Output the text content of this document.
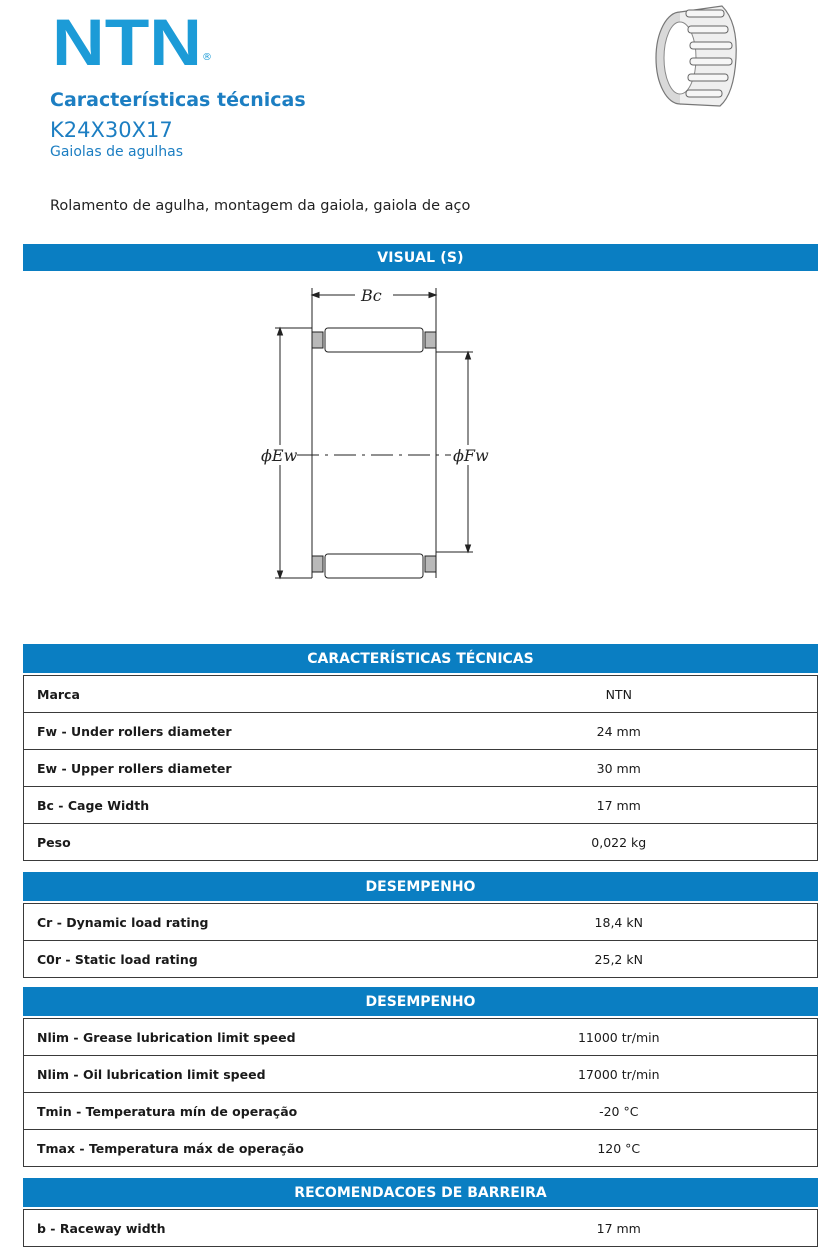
NTN ®
Características técnicas
K24X30X17
Gaiolas de agulhas
Rolamento de agulha, montagem da gaiola, gaiola de aço
VISUAL (S)
Bc
ϕEw	ϕFw
CARACTERÍSTICAS TÉCNICAS	

Marca	NTN
Fw - Under rollers diameter	24 mm
Ew - Upper rollers diameter	30 mm
Bc - Cage Width	17 mm
Peso	0,022 kg
DESEMPENHO	

Cr - Dynamic load rating	18,4 kN
C0r - Static load rating	25,2 kN
DESEMPENHO	

Nlim - Grease lubrication limit speed	11000 tr/min
Nlim - Oil lubrication limit speed	17000 tr/min
Tmin - Temperatura mín de operação	-20 °C
Tmax - Temperatura máx de operação	120 °C
RECOMENDACOES DE BARREIRA

b - Raceway width	17 mm
